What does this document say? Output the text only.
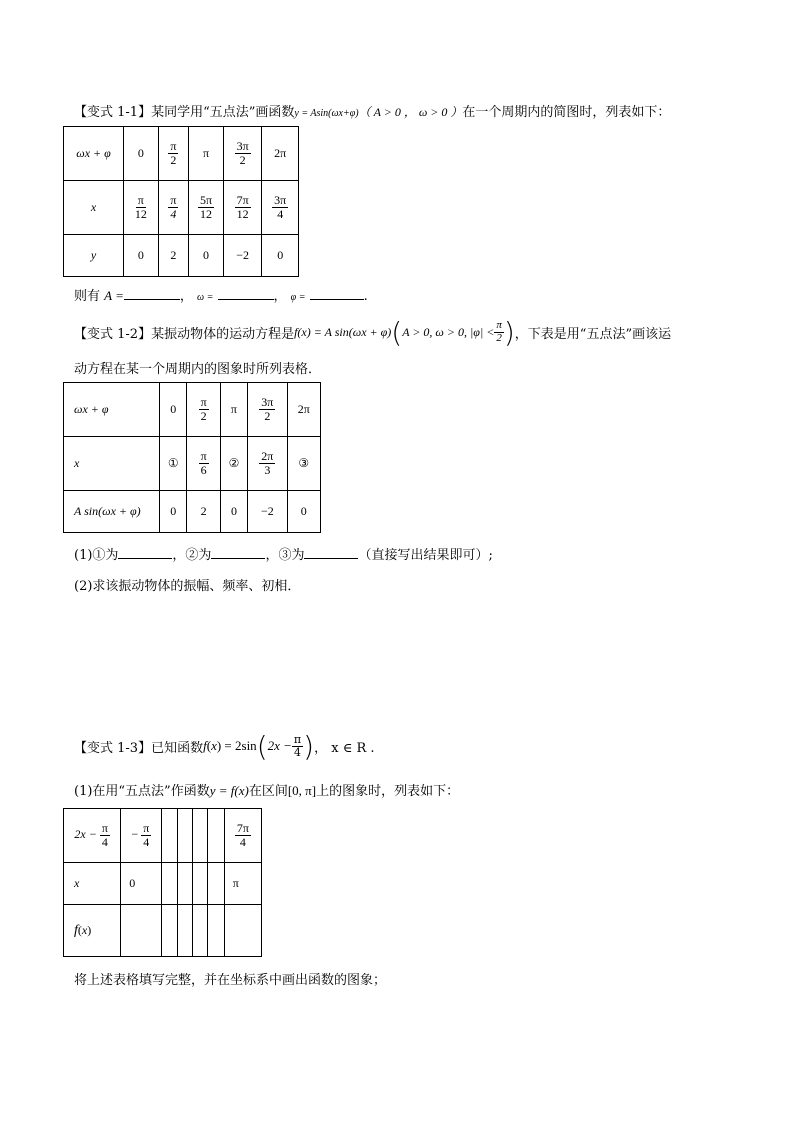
【变式 1-1】某同学用“五点法”画函数y = Asin(ωx+φ)（ A > 0 ， ω > 0 ）在一个周期内的简图时，列表如下：
ωx + φ	0	$\frac{\pi}{2}$	π	$\frac{3\pi}{2}$	2π
x	$\frac{\pi}{12}$	$\frac{\pi}{4}$	$\frac{5\pi}{12}$	$\frac{7\pi}{12}$	$\frac{3\pi}{4}$

y	0	2	0	−2	0
则有 A =	， ω =	， φ =	.
【变式 1-2】 某振动物体的运动方程是 f(x) = A sin(ωx + φ) ( A > 0, ω > 0, $|\varphi| < \frac{\pi}{2}$ ) ，下表是用“五点法”画该运
动方程在某一个周期内的图象时所列表格．
ωx + φ	0	$\frac{\pi}{2}$	π	$\frac{3\pi}{2}$	2π
x	①	$\frac{\pi}{6}$	②	$\frac{2\pi}{3}$	③
A sin(ωx + φ)	0	2	0	−2	0
(1)①为	，②为	，③为	（直接写出结果即可）;
(2)求该振动物体的振幅、频率、初相．
【变式 1-3】 已知函数 f ( x ) = 2sin ( $2x - \frac{\pi}{4}$ ) ， x ∈ R .
(1)在用“五点法”作函数y = f(x)在区间[0, π]上的图象时，列表如下：
$2x - \frac{\pi}{4}$	− $\frac{\pi}{4}$					$\frac{7\pi}{4}$

x	0					π
f(x)						
将上述表格填写完整，并在坐标系中画出函数的图象；
